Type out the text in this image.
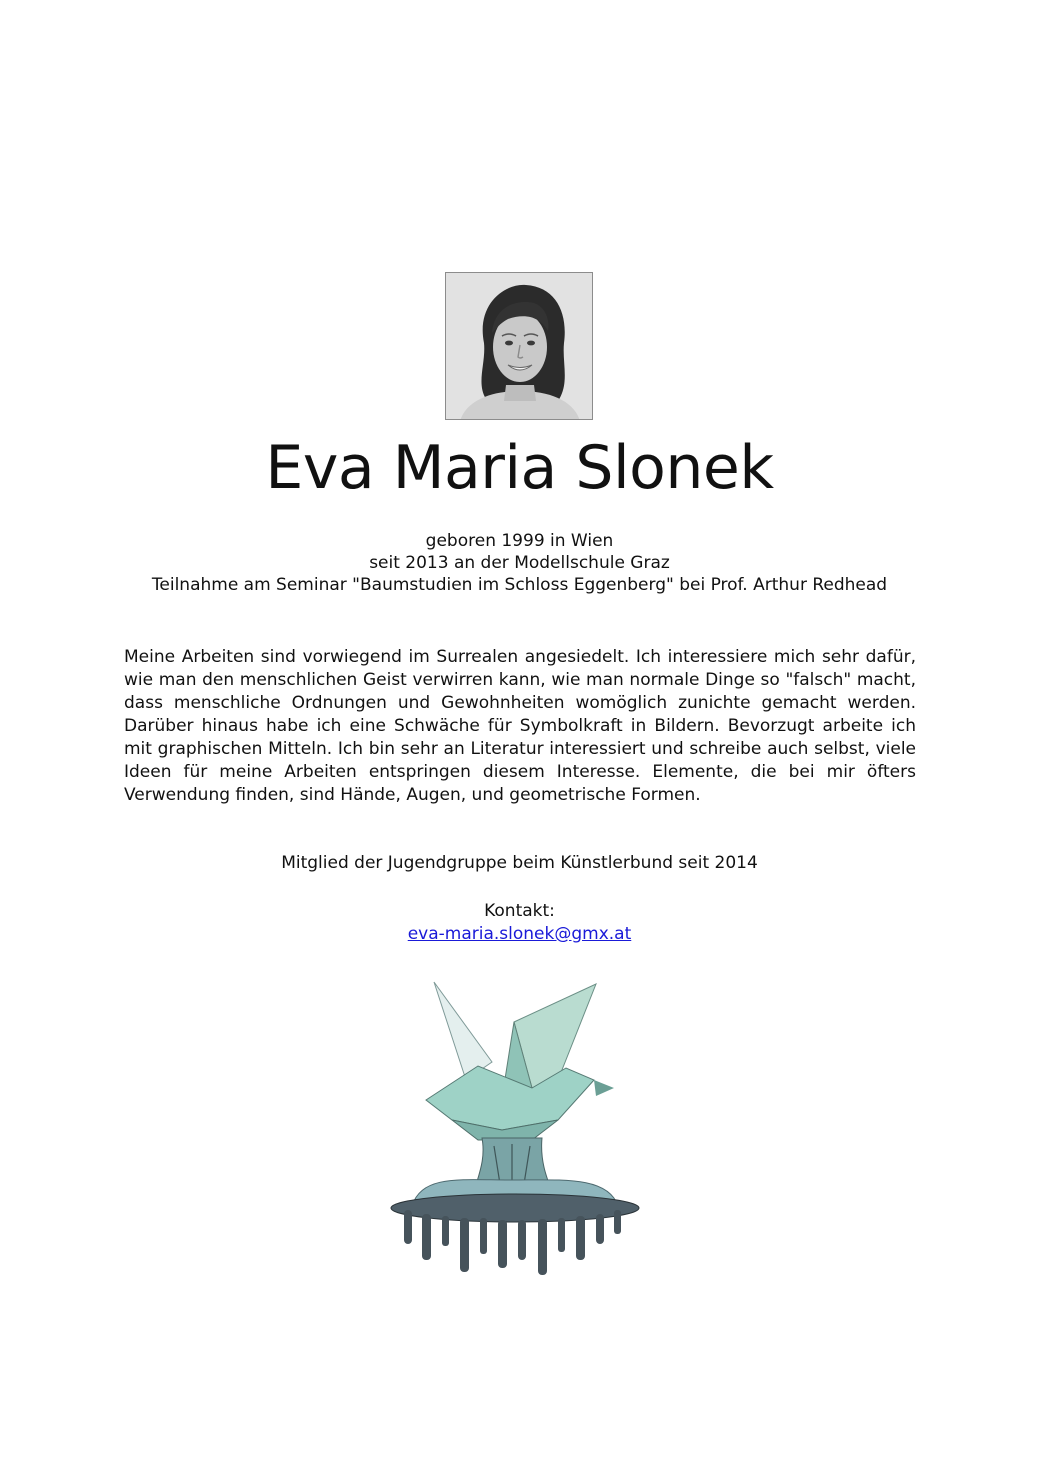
Eva Maria Slonek
geboren 1999 in Wien
seit 2013 an der Modellschule Graz
Teilnahme am Seminar "Baumstudien im Schloss Eggenberg" bei Prof. Arthur Redhead
Meine Arbeiten sind vorwiegend im Surrealen angesiedelt. Ich interessiere mich sehr dafür, wie man den menschlichen Geist verwirren kann, wie man normale Dinge so "falsch" macht, dass menschliche Ordnungen und Gewohnheiten womöglich zunichte gemacht werden. Darüber hinaus habe ich eine Schwäche für Symbolkraft in Bildern. Bevorzugt arbeite ich mit graphischen Mitteln. Ich bin sehr an Literatur interessiert und schreibe auch selbst, viele Ideen für meine Arbeiten entspringen diesem Interesse. Elemente, die bei mir öfters Verwendung finden, sind Hände, Augen, und geometrische Formen.
Mitglied der Jugendgruppe beim Künstlerbund seit 2014
Kontakt:
eva-maria.slonek@gmx.at
